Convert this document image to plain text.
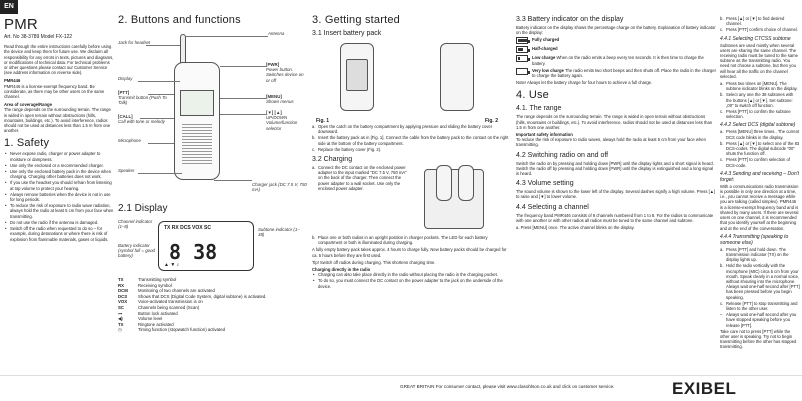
EN
PMR
Art. No 38-3789 Model FX-122
Read through the entire instructions carefully before using the device and keep them for future use. We disclaim all responsibility for any errors in texts, pictures and diagrams, or modifications of technical data. For technical problems or other questions please contact our Customer Service (see address information on reverse side).
PMR446
PMR446 is a license-exempt frequency band. Be considerate, as there may be other users on the same channel.
Area of coverage/Range
The range depends on the surrounding terrain. The range is wided in open terrain without obstructions (hills, mountains, buildings, etc.). To avoid interference, radios should not be used at distances less than 1.5 m from one another.
1. Safety
• Never expose radio, charger or power adapter to moisture or dampness.
• Use only the enclosed or a recommended charger.
• Use only the enclosed battery pack in the device when charging. Charging other batteries does not work.
• If you use the headset you should refrain from listening at top volume to protect your hearing.
• Always remove batteries when the device is not in use for long periods.
• To reduce the risk of exposure to radio wave radiation, always hold the radio at least 5 cm from your face when transmitting.
• Do not use the radio if the antenna is damaged.
• Switch off the radio when requested to do so – for example, during detonations or where there is risk of explosion from flammable materials, gases or liquids.
2. Buttons and functions
Jack for headset
Antenna
Display
[PTT]
Transmit button (Push To Talk)
[CALL]
Call with tone or melody
Microphone
Speaker
[PWR]
Power button. Switches device on or off
[MENU]
Shows menus
[▼] [▲]
UP/DOWN Volume/function selector
Charger jack (DC 7.5 V, 750 mA)
2.1 Display
Channel indicator (1–8)
Battery indicator (symbol full = good battery)
Subtone indicator (1–38)
TX RX DCS VOX SC
8 38
▲ ▼ ♪
TX	Transmitting symbol
RX	Receiving symbol
DCM	Monitoring of two channels are activated
DCS	Shows that DCS (Digital Code System, digital subtone) is activated.
VOX	Voice-activated transmission is on
SC	Channels being scanned (Scan)
⊶	Button lock activated
◀)	Volume level
TX	Ringtone activated
◷	Timing function (stopwatch function) activated
3. Getting started
3.1 Insert battery pack
Fig. 1	Fig. 2
a. Open the catch on the battery compartment by applying pressure and sliding the battery cover downward.
b. Insert the battery pack as in [Fig. 1]. Connect the cable from the battery pack to the contact on the right side at the bottom of the battery compartment.
c. Replace the battery cover (Fig. 2).
3.2 Charging
a. Connect the DC contact on the enclosed power adapter to the input marked "DC 7.5 V, 750 mA" on the back of the charger. Then connect the power adapter to a wall socket. Use only the enclosed power adapter.
b. Place one or both radios in an upright position in charger pockets. The LED for each battery compartment or both is illuminated during charging.
A fully empty battery pack takes approx. 4 hours to charge fully. New battery packs should be charged for ca. 5 hours before they are first used.
Tip! Switch off radios during charging. This shortens charging time.
Charging directly in the radio
• Charging can also take place directly in the radio without placing the radio in the charging pocket.
• To do so, you must connect the DC contact on the power adapter to the jack on the underside of the device.
3.3 Battery indicator on the display
Battery indicator on the display shows the percentage charge on the battery. Explanation of battery indicator on the display:
Fully charged
Half-charged
Low charge When on the radio emits a beep every ten seconds. It is then time to charge the battery.
Very low charge The radio emits two short beeps and then shuts off. Place the radio in the charger to charge the battery again.
Note! Always let the battery charge for four hours to achieve a full charge.
4. Use
4.1. The range
The range depends on the surrounding terrain. The range is wided in open terrain without obstructions (hills, mountains or buildings, etc.). To avoid interference, radios should not be used at distances less than 1.5 m from one another.
Important safety information
To reduce the risk of exposure to radio waves, always hold the radio at least 5 cm from your face when transmitting.
4.2 Switching radio on and off
Switch the radio on by pressing and holding down [PWR] until the display lights and a short signal is heard. Switch the radio off by pressing and holding down [PWR] until the display is extinguished and a long signal is heard.
4.3 Volume setting
The sound volume is shown to the lower left of the display. Several dashes signify a high volume. Press [▲] to raise and [▼] to lower volume.
4.4 Selecting a channel
The frequency band PMR446 consists of 8 channels numbered from 1 to 8. For the radios to communicate with one another or with other radios all radios must be tuned to the same channel and subtone.
a. Press [MENU] once. The active channel blinks on the display.
b. Press [▲] or [▼] to find desired channel.
c. Press [PTT] confirm choice of channel.
4.4.1 Selecting CTCSS subtone
Subtones are used mostly when several users are sharing the same channel. The receiving radio must be tuned to the same subtone as the transmitting radio. You need not choose a subtone, but then you will hear all the traffic on the channel selected.
a. Press two times on [MENU]. The subtone indicator blinks on the display.
b. Select any one the 38 subtones with the buttons [▲] or [▼]. Set subtone: „00" to switch off function.
c. Press [PTT] to confirm the subtone selection.
4.4.2 Select DCS (digital subtone)
a. Press [MENU] three times.. The current DCS code blinks in the display.
b. Press [▲] or [▼] to select one of the 83 DCS-codes. The digital subcode "00" shuts the function off.
c. Press [PTT] to confirm selection of DCS-code.
4.4.3 Sending and receiving – Don't forget:
With a communications radio transmission is possible in only one direction at a time, i.e., you cannot receive a message while you are talking (called simplex). PMR446 is a license-exempt frequency band and is shared by many users. If there are several users on one channel, it is recommended that you identify yourself at the beginning and at the end of the conversation.
4.4.4 Transmitting (speaking to someone else)
a. Press [PTT] and hold down. The transmission indicator (TX) on the display lights up.
b. Hold the radio vertically with the microphone (MIC) circa 5 cm from your mouth. Speak clearly in a normal voice, without shouting into the microphone. Always wait one-half second after [PTT] has been pressed before you begin speaking.
c. Release [PTT] to stop transmitting and listen to the other user.
– Always wait one-half second after you have stopped speaking before you release [PTT].
Take care not to press [PTT] while the other user is speaking. Try not to begin transmitting before the other has stopped transmitting.
GREAT BRITAIN For consumer contact, please visit www.clasohlson.co.uk and click on customer service.	EXIBEL
